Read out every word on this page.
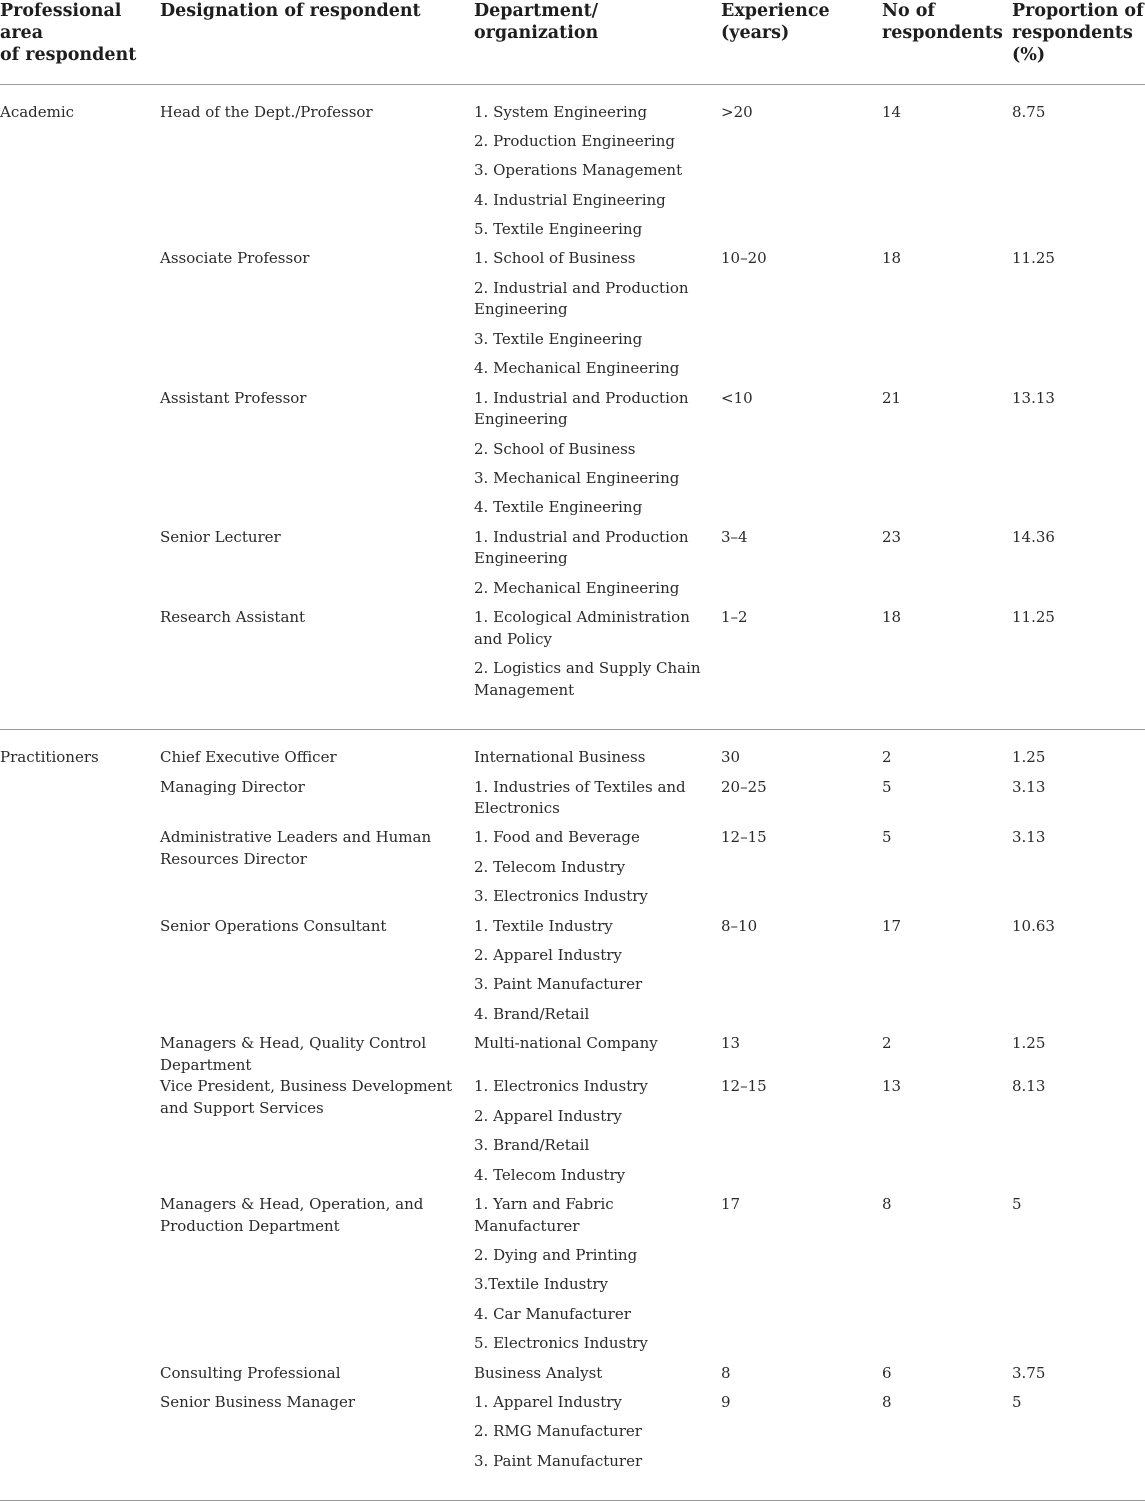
Professional area
of respondent	Designation of respondent	Department/ organization	Experience (years)	No of respondents	Proportion of respondents (%)
Academic	Head of the Dept./Professor	1. System Engineering
2. Production Engineering
3. Operations Management
4. Industrial Engineering
5. Textile Engineering	>20	14	8.75
	Associate Professor	1. School of Business
2. Industrial and Production Engineering
3. Textile Engineering
4. Mechanical Engineering	10–20	18	11.25
	Assistant Professor	1. Industrial and Production Engineering
2. School of Business
3. Mechanical Engineering
4. Textile Engineering	<10	21	13.13
	Senior Lecturer	1. Industrial and Production Engineering
2. Mechanical Engineering	3–4	23	14.36
	Research Assistant	1. Ecological Administration and Policy
2. Logistics and Supply Chain Management	1–2	18	11.25
Practitioners	Chief Executive Officer	International Business	30	2	1.25
	Managing Director	1. Industries of Textiles and Electronics	20–25	5	3.13
	Administrative Leaders and Human Resources Director	1. Food and Beverage
2. Telecom Industry
3. Electronics Industry	12–15	5	3.13
	Senior Operations Consultant	1. Textile Industry
2. Apparel Industry
3. Paint Manufacturer
4. Brand/Retail	8–10	17	10.63
	Managers & Head, Quality Control Department	Multi-national Company	13	2	1.25
	Vice President, Business Development and Support Services	1. Electronics Industry
2. Apparel Industry
3. Brand/Retail
4. Telecom Industry	12–15	13	8.13
	Managers & Head, Operation, and Production Department	1. Yarn and Fabric Manufacturer
2. Dying and Printing
3.Textile Industry
4. Car Manufacturer
5. Electronics Industry	17	8	5
	Consulting Professional	Business Analyst	8	6	3.75
	Senior Business Manager	1. Apparel Industry
2. RMG Manufacturer
3. Paint Manufacturer	9	8	5
